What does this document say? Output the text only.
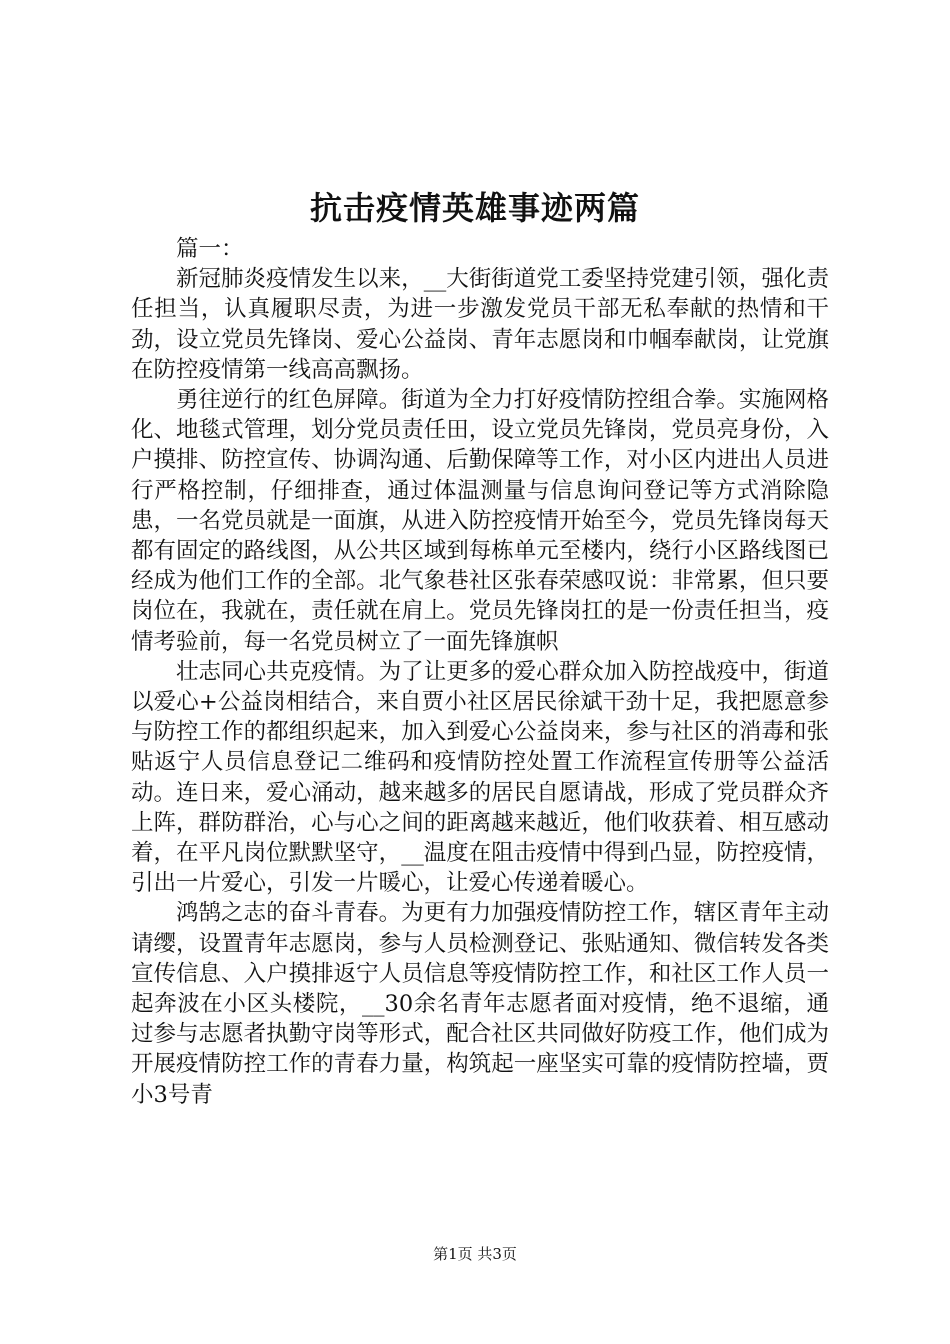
抗击疫情英雄事迹两篇

篇一：

新冠肺炎疫情发生以来，__大街街道党工委坚持党建引领，强化责任担当，认真履职尽责，为进一步激发党员干部无私奉献的热情和干劲，设立党员先锋岗、爱心公益岗、青年志愿岗和巾帼奉献岗，让党旗在防控疫情第一线高高飘扬。

勇往逆行的红色屏障。街道为全力打好疫情防控组合拳。实施网格化、地毯式管理，划分党员责任田，设立党员先锋岗，党员亮身份，入户摸排、防控宣传、协调沟通、后勤保障等工作，对小区内进出人员进行严格控制，仔细排查，通过体温测量与信息询问登记等方式消除隐患，一名党员就是一面旗，从进入防控疫情开始至今，党员先锋岗每天都有固定的路线图，从公共区域到每栋单元至楼内，绕行小区路线图已经成为他们工作的全部。北气象巷社区张春荣感叹说：非常累，但只要岗位在，我就在，责任就在肩上。党员先锋岗扛的是一份责任担当，疫情考验前，每一名党员树立了一面先锋旗帜

壮志同心共克疫情。为了让更多的爱心群众加入防控战疫中，街道以爱心+公益岗相结合，来自贾小社区居民徐斌干劲十足，我把愿意参与防控工作的都组织起来，加入到爱心公益岗来，参与社区的消毒和张贴返宁人员信息登记二维码和疫情防控处置工作流程宣传册等公益活动。连日来，爱心涌动，越来越多的居民自愿请战，形成了党员群众齐上阵，群防群治，心与心之间的距离越来越近，他们收获着、相互感动着，在平凡岗位默默坚守，__温度在阻击疫情中得到凸显，防控疫情，引出一片爱心，引发一片暖心，让爱心传递着暖心。

鸿鹄之志的奋斗青春。为更有力加强疫情防控工作，辖区青年主动请缨，设置青年志愿岗，参与人员检测登记、张贴通知、微信转发各类宣传信息、入户摸排返宁人员信息等疫情防控工作，和社区工作人员一起奔波在小区头楼院，__30余名青年志愿者面对疫情，绝不退缩，通过参与志愿者执勤守岗等形式，配合社区共同做好防疫工作，他们成为开展疫情防控工作的青春力量，构筑起一座坚实可靠的疫情防控墙，贾小3号青

第1页 共3页
